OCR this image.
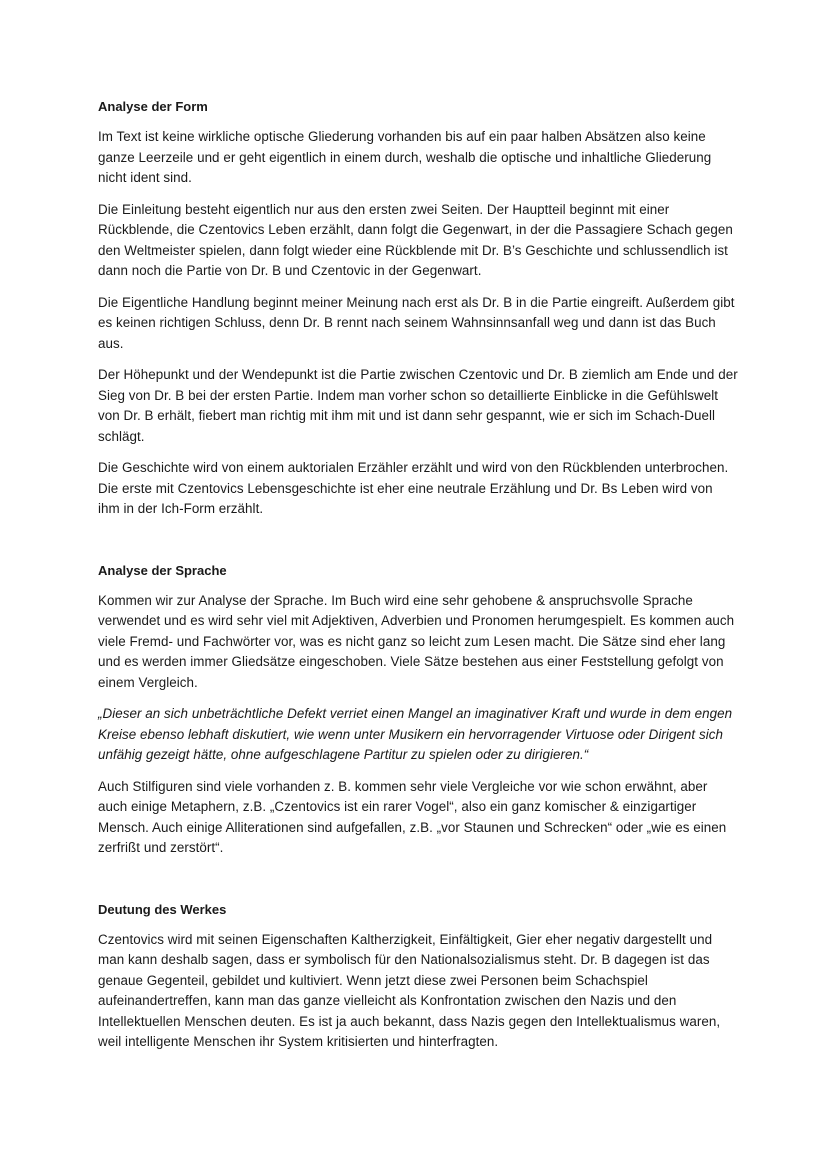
Analyse der Form

Im Text ist keine wirkliche optische Gliederung vorhanden bis auf ein paar halben Absätzen also keine ganze Leerzeile und er geht eigentlich in einem durch, weshalb die optische und inhaltliche Gliederung nicht ident sind.

Die Einleitung besteht eigentlich nur aus den ersten zwei Seiten. Der Hauptteil beginnt mit einer Rückblende, die Czentovics Leben erzählt, dann folgt die Gegenwart, in der die Passagiere Schach gegen den Weltmeister spielen, dann folgt wieder eine Rückblende mit Dr. B’s Geschichte und schlussendlich ist dann noch die Partie von Dr. B und Czentovic in der Gegenwart.

Die Eigentliche Handlung beginnt meiner Meinung nach erst als Dr. B in die Partie eingreift. Außerdem gibt es keinen richtigen Schluss, denn Dr. B rennt nach seinem Wahnsinnsanfall weg und dann ist das Buch aus.

Der Höhepunkt und der Wendepunkt ist die Partie zwischen Czentovic und Dr. B ziemlich am Ende und der Sieg von Dr. B bei der ersten Partie. Indem man vorher schon so detaillierte Einblicke in die Gefühlswelt von Dr. B erhält, fiebert man richtig mit ihm mit und ist dann sehr gespannt, wie er sich im Schach-Duell schlägt.

Die Geschichte wird von einem auktorialen Erzähler erzählt und wird von den Rückblenden unterbrochen. Die erste mit Czentovics Lebensgeschichte ist eher eine neutrale Erzählung und Dr. Bs Leben wird von ihm in der Ich-Form erzählt.

Analyse der Sprache

Kommen wir zur Analyse der Sprache. Im Buch wird eine sehr gehobene & anspruchsvolle Sprache verwendet und es wird sehr viel mit Adjektiven, Adverbien und Pronomen herumgespielt. Es kommen auch viele Fremd- und Fachwörter vor, was es nicht ganz so leicht zum Lesen macht. Die Sätze sind eher lang und es werden immer Gliedsätze eingeschoben. Viele Sätze bestehen aus einer Feststellung gefolgt von einem Vergleich.

„Dieser an sich unbeträchtliche Defekt verriet einen Mangel an imaginativer Kraft und wurde in dem engen Kreise ebenso lebhaft diskutiert, wie wenn unter Musikern ein hervorragender Virtuose oder Dirigent sich unfähig gezeigt hätte, ohne aufgeschlagene Partitur zu spielen oder zu dirigieren.“

Auch Stilfiguren sind viele vorhanden z. B. kommen sehr viele Vergleiche vor wie schon erwähnt, aber auch einige Metaphern, z.B. „Czentovics ist ein rarer Vogel“, also ein ganz komischer & einzigartiger Mensch. Auch einige Alliterationen sind aufgefallen, z.B. „vor Staunen und Schrecken“ oder „wie es einen zerfrißt und zerstört“.

Deutung des Werkes

Czentovics wird mit seinen Eigenschaften Kaltherzigkeit, Einfältigkeit, Gier eher negativ dargestellt und man kann deshalb sagen, dass er symbolisch für den Nationalsozialismus steht. Dr. B dagegen ist das genaue Gegenteil, gebildet und kultiviert. Wenn jetzt diese zwei Personen beim Schachspiel aufeinandertreffen, kann man das ganze vielleicht als Konfrontation zwischen den Nazis und den Intellektuellen Menschen deuten. Es ist ja auch bekannt, dass Nazis gegen den Intellektualismus waren, weil intelligente Menschen ihr System kritisierten und hinterfragten.
